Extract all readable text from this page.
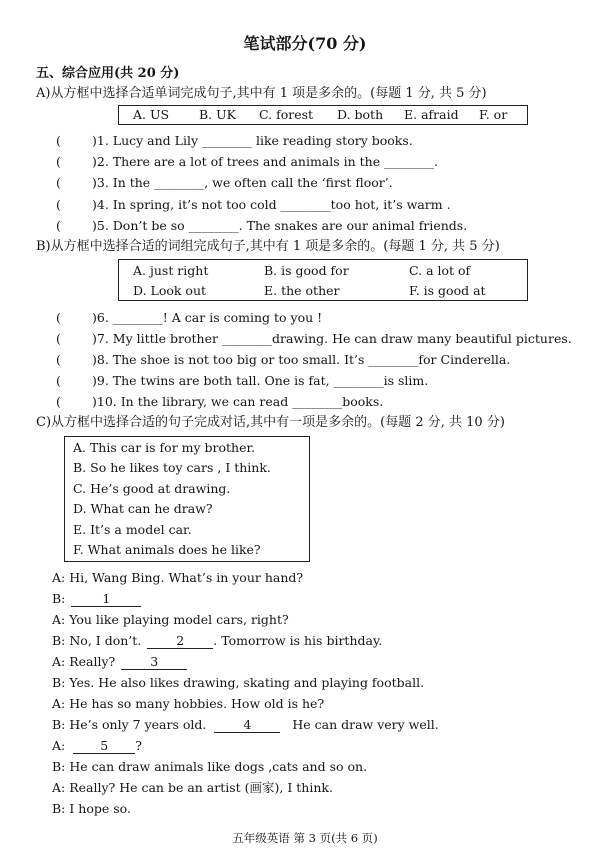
笔试部分(70 分)
五、综合应用(共 20 分)
A)从方框中选择合适单词完成句子,其中有 1 项是多余的。(每题 1 分, 共 5 分)
A. US B. UK C. forest D. both E. afraid F. or
( )1. Lucy and Lily ________ like reading story books.
( )2. There are a lot of trees and animals in the ________.
( )3. In the ________, we often call the ‘first floor’.
( )4. In spring, it’s not too cold ________too hot, it’s warm .
( )5. Don’t be so ________. The snakes are our animal friends.
B)从方框中选择合适的词组完成句子,其中有 1 项是多余的。(每题 1 分, 共 5 分)
A. just right	B. is good for	C. a lot of
D. Look out	E. the other	F. is good at
( )6. ________! A car is coming to you !
( )7. My little brother ________drawing. He can draw many beautiful pictures.
( )8. The shoe is not too big or too small. It’s ________for Cinderella.
( )9. The twins are both tall. One is fat, ________is slim.
( )10. In the library, we can read ________books.
C)从方框中选择合适的句子完成对话,其中有一项是多余的。(每题 2 分, 共 10 分)
A. This car is for my brother.
B. So he likes toy cars , I think.
C. He’s good at drawing.
D. What can he draw?
E. It’s a model car.
F. What animals does he like?
A: Hi, Wang Bing. What’s in your hand?
B:	1
A: You like playing model cars, right?
B: No, I don’t.	2 . Tomorrow is his birthday.
A: Really?	3
B: Yes. He also likes drawing, skating and playing football.
A: He has so many hobbies. How old is he?
B: He’s only 7 years old.	4	He can draw very well.
A:	5 ?
B: He can draw animals like dogs ,cats and so on.
A: Really? He can be an artist (画家), I think.
B: I hope so.
五年级英语 第 3 页(共 6 页)
